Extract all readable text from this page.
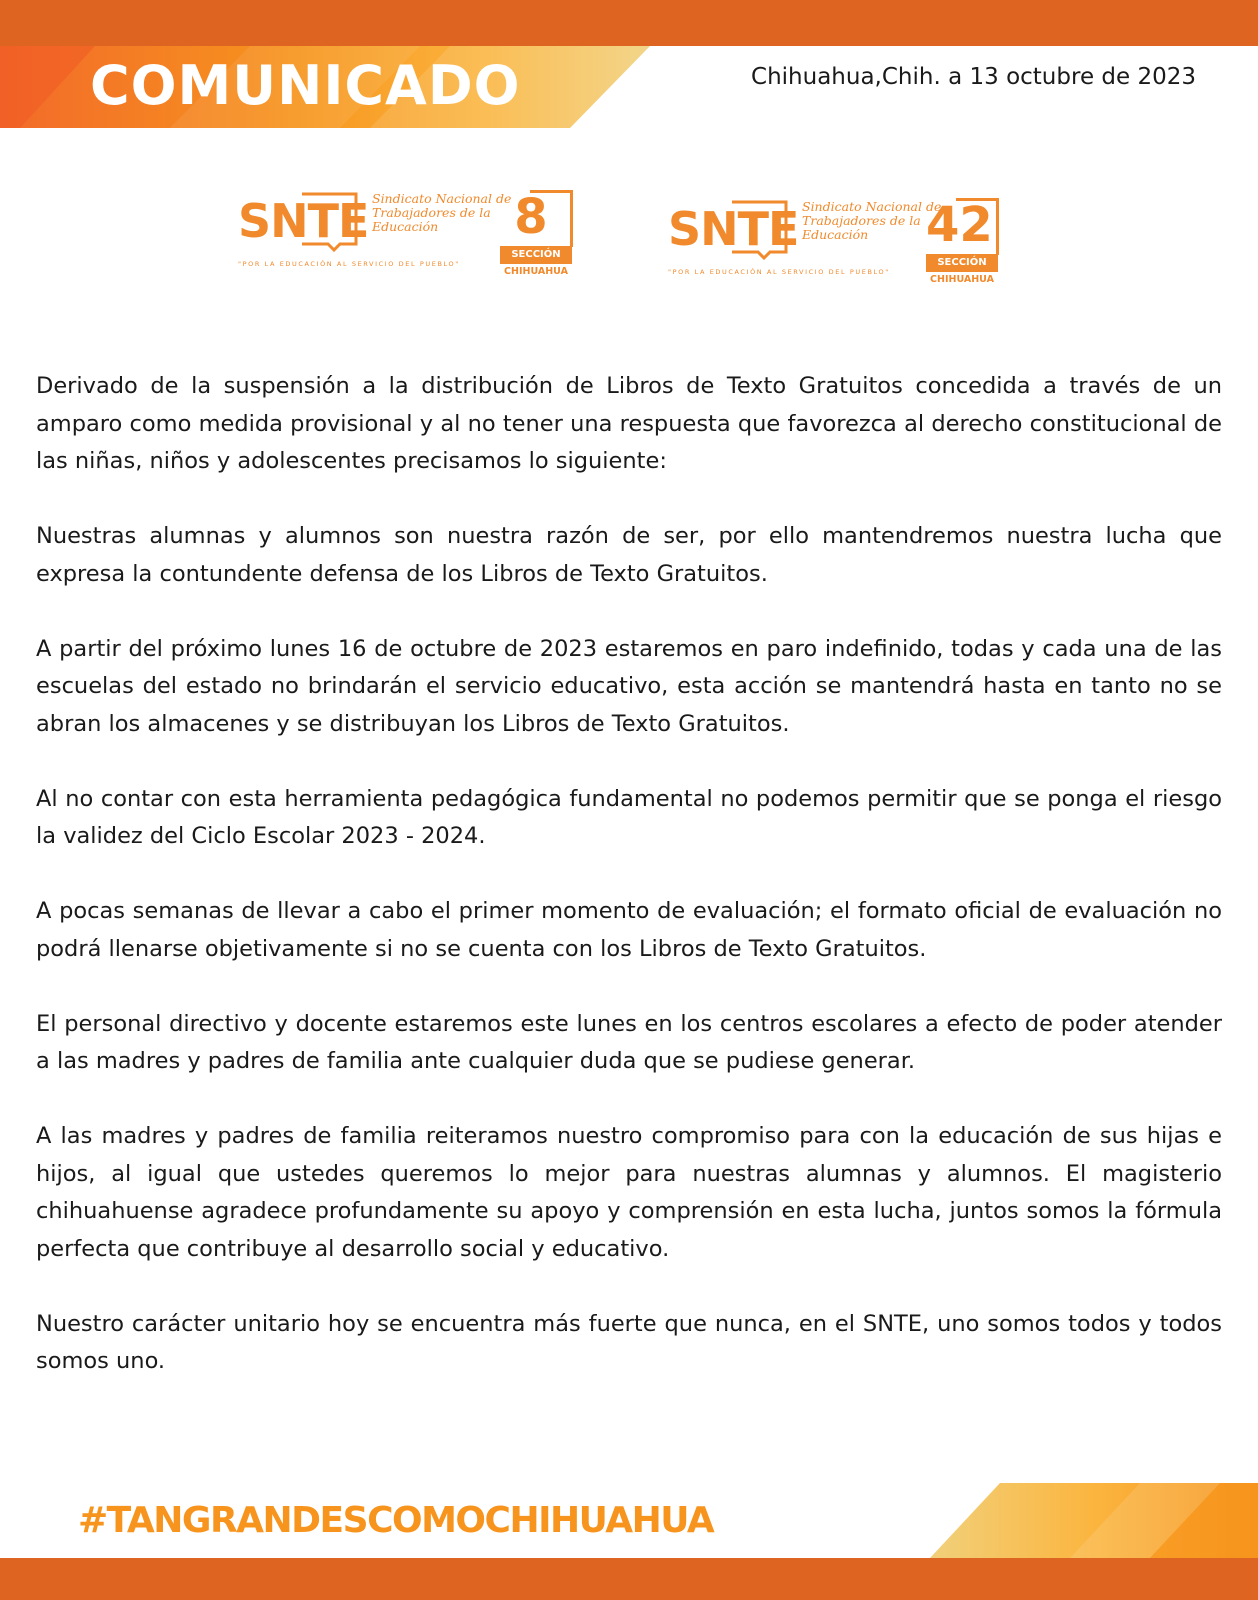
COMUNICADO	Chihuahua,Chih. a 13 octubre de 2023
SNTE Sindicato Nacional de Trabajadores de la Educación
"POR LA EDUCACIÓN AL SERVICIO DEL PUEBLO"
8
SECCIÓN
CHIHUAHUA
SNTE Sindicato Nacional de Trabajadores de la Educación
"POR LA EDUCACIÓN AL SERVICIO DEL PUEBLO"
42
SECCIÓN
CHIHUAHUA

Derivado de la suspensión a la distribución de Libros de Texto Gratuitos concedida a través de un amparo como medida provisional y al no tener una respuesta que favorezca al derecho constitucional de las niñas, niños y adolescentes precisamos lo siguiente:

Nuestras alumnas y alumnos son nuestra razón de ser, por ello mantendremos nuestra lucha que expresa la contundente defensa de los Libros de Texto Gratuitos.

A partir del próximo lunes 16 de octubre de 2023 estaremos en paro indefinido, todas y cada una de las escuelas del estado no brindarán el servicio educativo, esta acción se mantendrá hasta en tanto no se abran los almacenes y se distribuyan los Libros de Texto Gratuitos.

Al no contar con esta herramienta pedagógica fundamental no podemos permitir que se ponga el riesgo la validez del Ciclo Escolar 2023 - 2024.

A pocas semanas de llevar a cabo el primer momento de evaluación; el formato oficial de evaluación no podrá llenarse objetivamente si no se cuenta con los Libros de Texto Gratuitos.

El personal directivo y docente estaremos este lunes en los centros escolares a efecto de poder atender a las madres y padres de familia ante cualquier duda que se pudiese generar.

A las madres y padres de familia reiteramos nuestro compromiso para con la educación de sus hijas e hijos, al igual que ustedes queremos lo mejor para nuestras alumnas y alumnos. El magisterio chihuahuense agradece profundamente su apoyo y comprensión en esta lucha, juntos somos la fórmula perfecta que contribuye al desarrollo social y educativo.

Nuestro carácter unitario hoy se encuentra más fuerte que nunca, en el SNTE, uno somos todos y todos somos uno.

#TANGRANDESCOMOCHIHUAHUA
